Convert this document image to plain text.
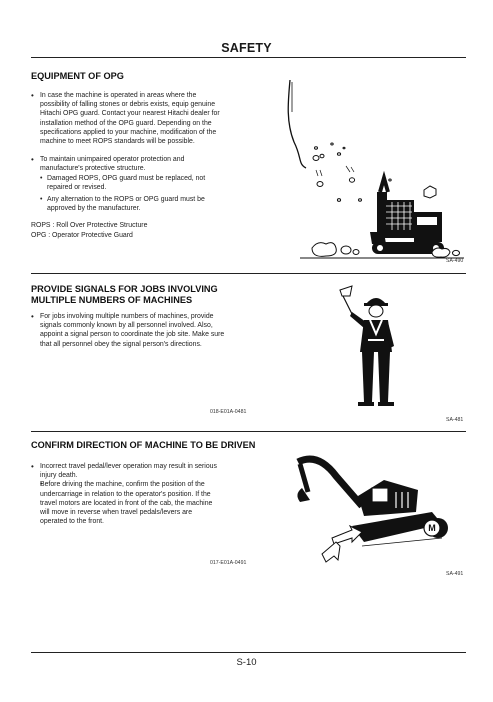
SAFETY
EQUIPMENT OF OPG
• In case the machine is operated in areas where the
possibility of falling stones or debris exists, equip genuine
Hitachi OPG guard. Contact your nearest Hitachi dealer for
installation method of the OPG guard. Depending on the
specifications applied to your machine, modification of the
machine to meet ROPS standards will be possible.
• To maintain unimpaired operator protection and
manufacture's protective structure.
• Damaged ROPS, OPG guard must be replaced, not
repaired or revised.
• Any alternation to the ROPS or OPG guard must be
approved by the manufacturer.
ROPS : Roll Over Protective Structure
OPG : Operator Protective Guard
SA-490
PROVIDE SIGNALS FOR JOBS INVOLVING
MULTIPLE NUMBERS OF MACHINES
• For jobs involving multiple numbers of machines, provide
signals commonly known by all personnel involved. Also,
appoint a signal person to coordinate the job site. Make sure
that all personnel obey the signal person's directions.
018-E01A-0481
SA-481
CONFIRM DIRECTION OF MACHINE TO BE DRIVEN
• Incorrect travel pedal/lever operation may result in serious
injury death.
• Before driving the machine, confirm the position of the
undercarriage in relation to the operator's position. If the
travel motors are located in front of the cab, the machine
will move in reverse when travel pedals/levers are
operated to the front.
017-E01A-0491
M
SA-491
S-10
